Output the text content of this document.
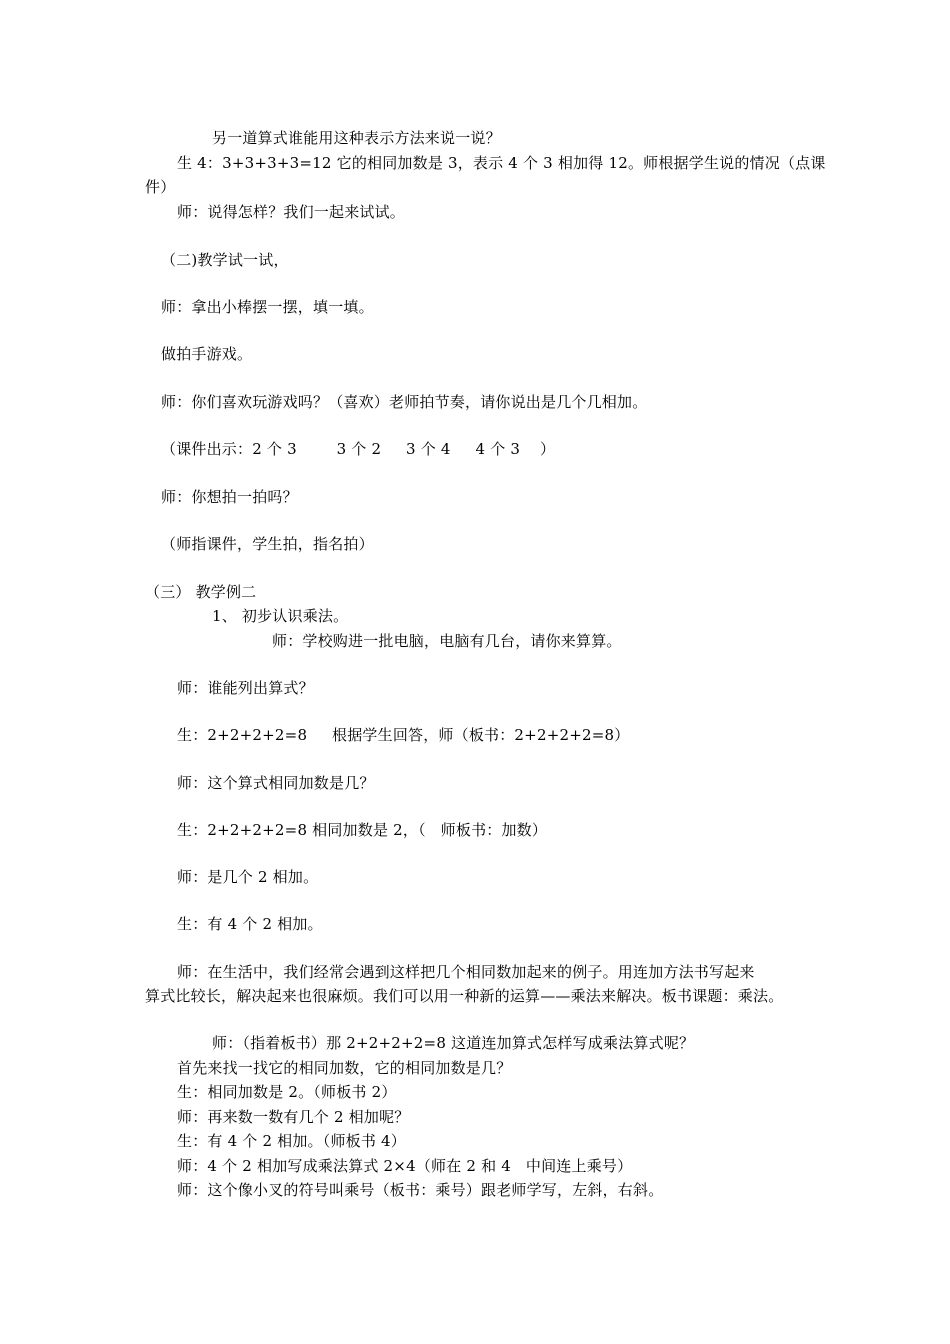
另一道算式谁能用这种表示方法来说一说？
生 4：3+3+3+3=12 它的相同加数是 3，表示 4 个 3 相加得 12。师根据学生说的情况（点课
件）
师：说得怎样？我们一起来试试。
（二)教学试一试，
师：拿出小棒摆一摆，填一填。
做拍手游戏。
师：你们喜欢玩游戏吗？（喜欢）老师拍节奏，请你说出是几个几相加。
（课件出示：2 个 3        3 个 2     3 个 4     4 个 3    ）
师：你想拍一拍吗？
（师指课件，学生拍，指名拍）
（三） 教学例二
1、 初步认识乘法。
师：学校购进一批电脑，电脑有几台，请你来算算。
师：谁能列出算式？
生：2+2+2+2=8     根据学生回答，师（板书：2+2+2+2=8）
师：这个算式相同加数是几？
生：2+2+2+2=8 相同加数是 2，（   师板书：加数）
师：是几个 2 相加。
生：有 4 个 2 相加。
师：在生活中，我们经常会遇到这样把几个相同数加起来的例子。用连加方法书写起来
算式比较长，解决起来也很麻烦。我们可以用一种新的运算——乘法来解决。板书课题：乘法。
师：（指着板书）那 2+2+2+2=8 这道连加算式怎样写成乘法算式呢？
首先来找一找它的相同加数，它的相同加数是几？
生：相同加数是 2。（师板书 2）
师：再来数一数有几个 2 相加呢？
生：有 4 个 2 相加。（师板书 4）
师：4 个 2 相加写成乘法算式 2×4（师在 2 和 4   中间连上乘号）
师：这个像小叉的符号叫乘号（板书：乘号）跟老师学写，左斜，右斜。
